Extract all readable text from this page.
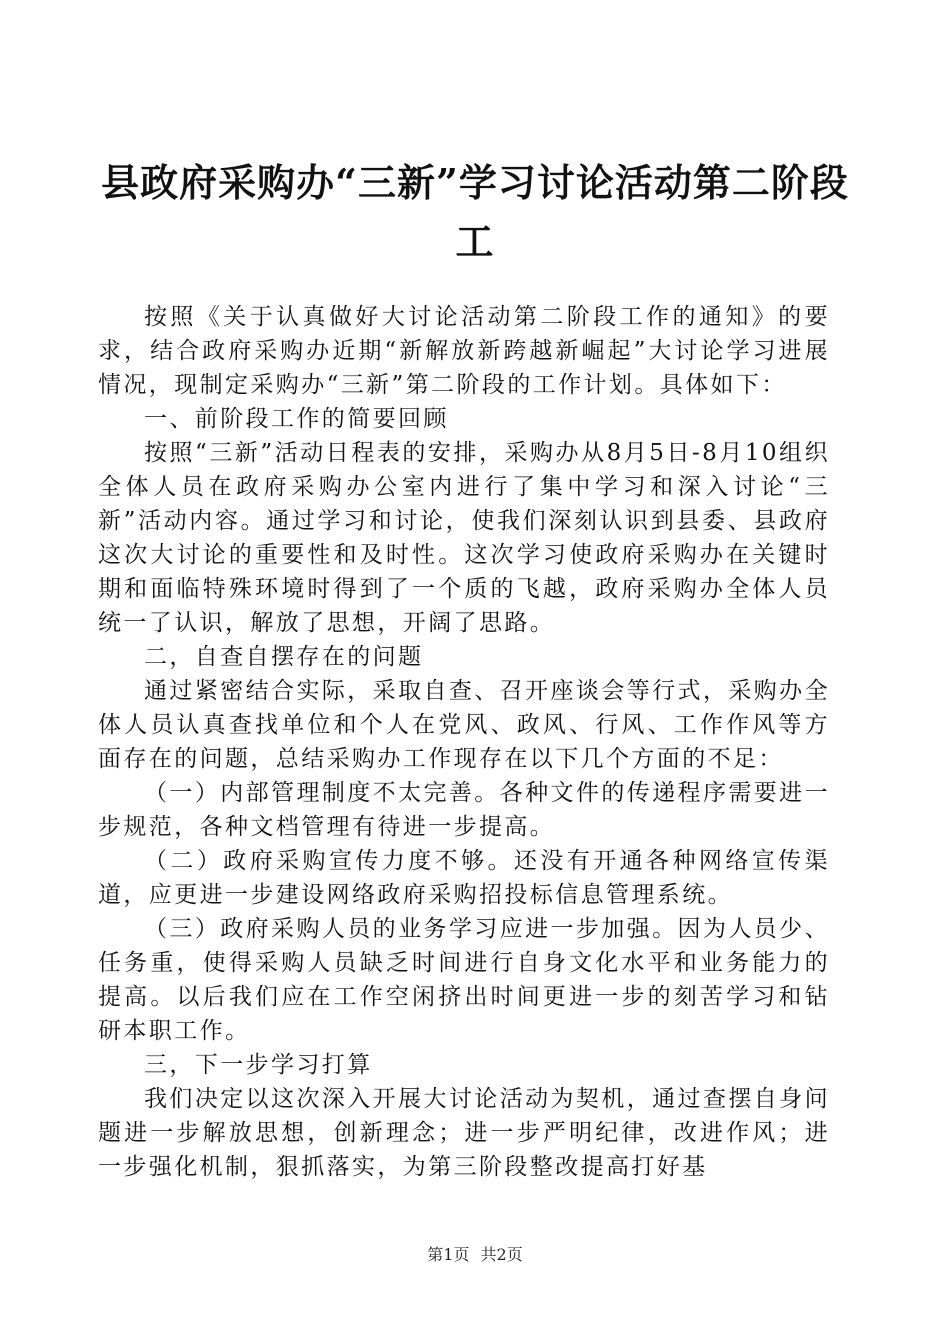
县政府采购办“三新”学习讨论活动第二阶段
工

按照《关于认真做好大讨论活动第二阶段工作的通知》的要求，结合政府采购办近期“新解放新跨越新崛起”大讨论学习进展情况，现制定采购办“三新”第二阶段的工作计划。具体如下：

一、前阶段工作的简要回顾

按照“三新”活动日程表的安排，采购办从8月5日-8月10组织全体人员在政府采购办公室内进行了集中学习和深入讨论“三新”活动内容。通过学习和讨论，使我们深刻认识到县委、县政府这次大讨论的重要性和及时性。这次学习使政府采购办在关键时期和面临特殊环境时得到了一个质的飞越，政府采购办全体人员统一了认识，解放了思想，开阔了思路。

二，自查自摆存在的问题

通过紧密结合实际，采取自查、召开座谈会等行式，采购办全体人员认真查找单位和个人在党风、政风、行风、工作作风等方面存在的问题，总结采购办工作现存在以下几个方面的不足：

（一）内部管理制度不太完善。各种文件的传递程序需要进一步规范，各种文档管理有待进一步提高。

（二）政府采购宣传力度不够。还没有开通各种网络宣传渠道，应更进一步建设网络政府采购招投标信息管理系统。

（三）政府采购人员的业务学习应进一步加强。因为人员少、任务重，使得采购人员缺乏时间进行自身文化水平和业务能力的提高。以后我们应在工作空闲挤出时间更进一步的刻苦学习和钻研本职工作。

三，下一步学习打算

我们决定以这次深入开展大讨论活动为契机，通过查摆自身问题进一步解放思想，创新理念；进一步严明纪律，改进作风；进一步强化机制，狠抓落实，为第三阶段整改提高打好基

第1页 共2页
